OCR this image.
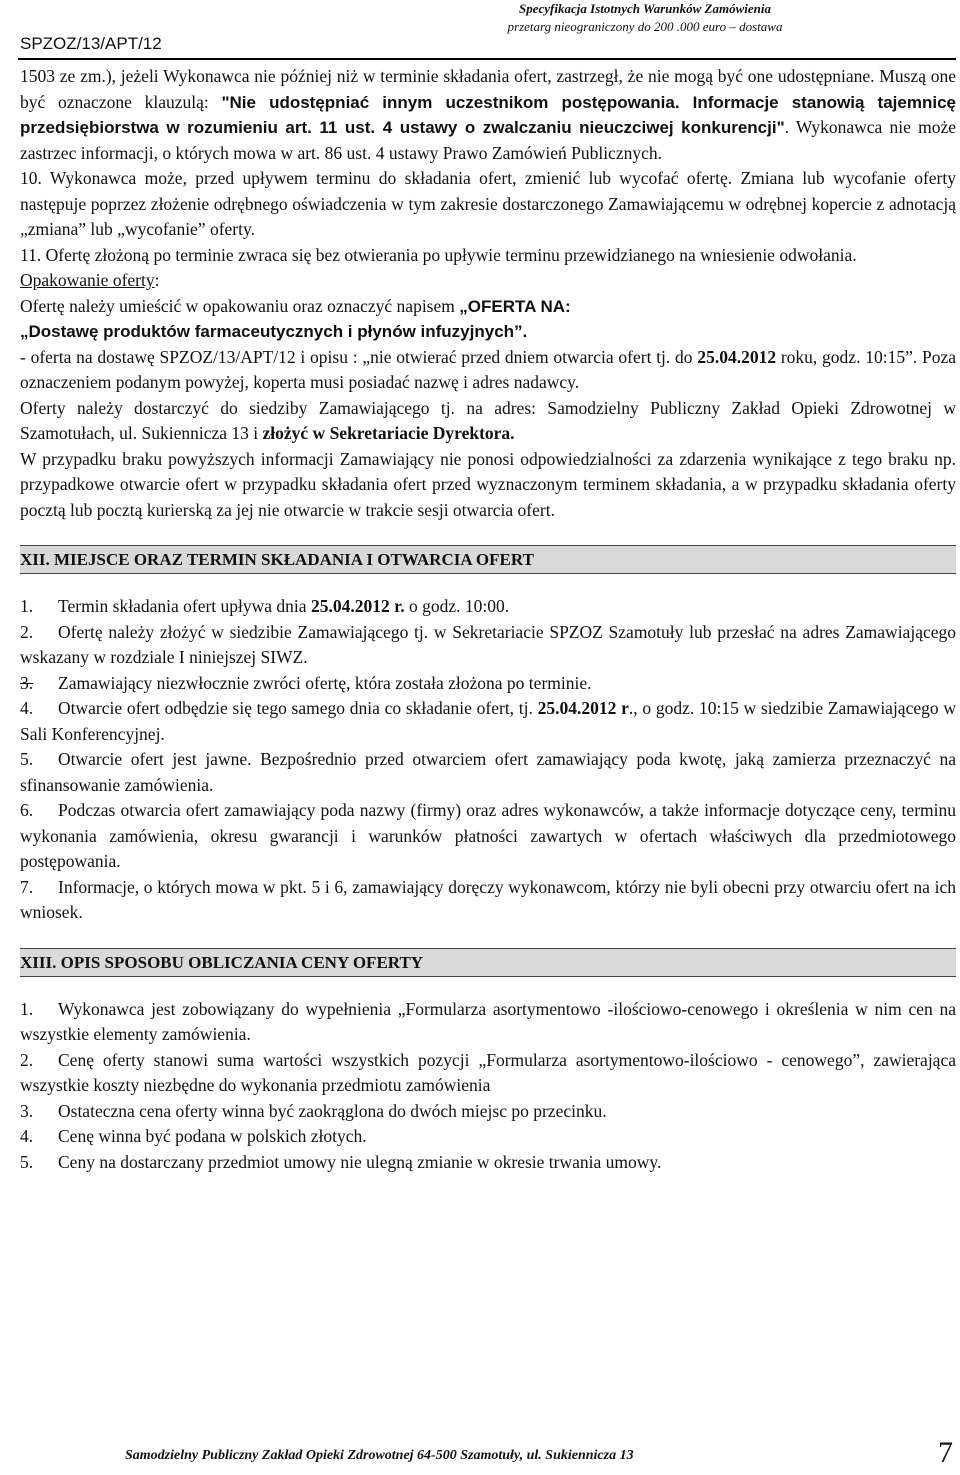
SPZOZ/13/APT/12
Specyfikacja Istotnych Warunków Zamówienia
przetarg nieograniczony do 200 .000 euro – dostawa

1503 ze zm.), jeżeli Wykonawca nie później niż w terminie składania ofert, zastrzegł, że nie mogą być one udostępniane. Muszą one być oznaczone klauzulą: "Nie udostępniać innym uczestnikom postępowania. Informacje stanowią tajemnicę przedsiębiorstwa w rozumieniu art. 11 ust. 4 ustawy o zwalczaniu nieuczciwej konkurencji". Wykonawca nie może zastrzec informacji, o których mowa w art. 86 ust. 4 ustawy Prawo Zamówień Publicznych.

10. Wykonawca może, przed upływem terminu do składania ofert, zmienić lub wycofać ofertę. Zmiana lub wycofanie oferty następuje poprzez złożenie odrębnego oświadczenia w tym zakresie dostarczonego Zamawiającemu w odrębnej kopercie z adnotacją „zmiana” lub „wycofanie” oferty.

11. Ofertę złożoną po terminie zwraca się bez otwierania po upływie terminu przewidzianego na wniesienie odwołania.

Opakowanie oferty:

Ofertę należy umieścić w opakowaniu oraz oznaczyć napisem „OFERTA NA:

„Dostawę produktów farmaceutycznych i płynów infuzyjnych”.

- oferta na dostawę SPZOZ/13/APT/12 i opisu : „nie otwierać przed dniem otwarcia ofert tj. do 25.04.2012 roku, godz. 10:15”. Poza oznaczeniem podanym powyżej, koperta musi posiadać nazwę i adres nadawcy.

Oferty należy dostarczyć do siedziby Zamawiającego tj. na adres: Samodzielny Publiczny Zakład Opieki Zdrowotnej w Szamotułach, ul. Sukiennicza 13 i złożyć w Sekretariacie Dyrektora.

W przypadku braku powyższych informacji Zamawiający nie ponosi odpowiedzialności za zdarzenia wynikające z tego braku np. przypadkowe otwarcie ofert w przypadku składania ofert przed wyznaczonym terminem składania, a w przypadku składania oferty pocztą lub pocztą kurierską za jej nie otwarcie w trakcie sesji otwarcia ofert.

XII. MIEJSCE ORAZ TERMIN SKŁADANIA I OTWARCIA OFERT

1. Termin składania ofert upływa dnia 25.04.2012 r. o godz. 10:00.

2. Ofertę należy złożyć w siedzibie Zamawiającego tj. w Sekretariacie SPZOZ Szamotuły lub przesłać na adres Zamawiającego wskazany w rozdziale I niniejszej SIWZ.

3. Zamawiający niezwłocznie zwróci ofertę, która została złożona po terminie.

4. Otwarcie ofert odbędzie się tego samego dnia co składanie ofert, tj. 25.04.2012 r., o godz. 10:15 w siedzibie Zamawiającego w Sali Konferencyjnej.

5. Otwarcie ofert jest jawne. Bezpośrednio przed otwarciem ofert zamawiający poda kwotę, jaką zamierza przeznaczyć na sfinansowanie zamówienia.

6. Podczas otwarcia ofert zamawiający poda nazwy (firmy) oraz adres wykonawców, a także informacje dotyczące ceny, terminu wykonania zamówienia, okresu gwarancji i warunków płatności zawartych w ofertach właściwych dla przedmiotowego postępowania.

7. Informacje, o których mowa w pkt. 5 i 6, zamawiający doręczy wykonawcom, którzy nie byli obecni przy otwarciu ofert na ich wniosek.

XIII. OPIS SPOSOBU OBLICZANIA CENY OFERTY

1. Wykonawca jest zobowiązany do wypełnienia „Formularza asortymentowo -ilościowo-cenowego i określenia w nim cen na wszystkie elementy zamówienia.

2. Cenę oferty stanowi suma wartości wszystkich pozycji „Formularza asortymentowo-ilościowo - cenowego”, zawierająca wszystkie koszty niezbędne do wykonania przedmiotu zamówienia

3. Ostateczna cena oferty winna być zaokrąglona do dwóch miejsc po przecinku.

4. Cenę winna być podana w polskich złotych.

5. Ceny na dostarczany przedmiot umowy nie ulegną zmianie w okresie trwania umowy.

Samodzielny Publiczny Zakład Opieki Zdrowotnej 64-500 Szamotuły, ul. Sukiennicza 13	7
